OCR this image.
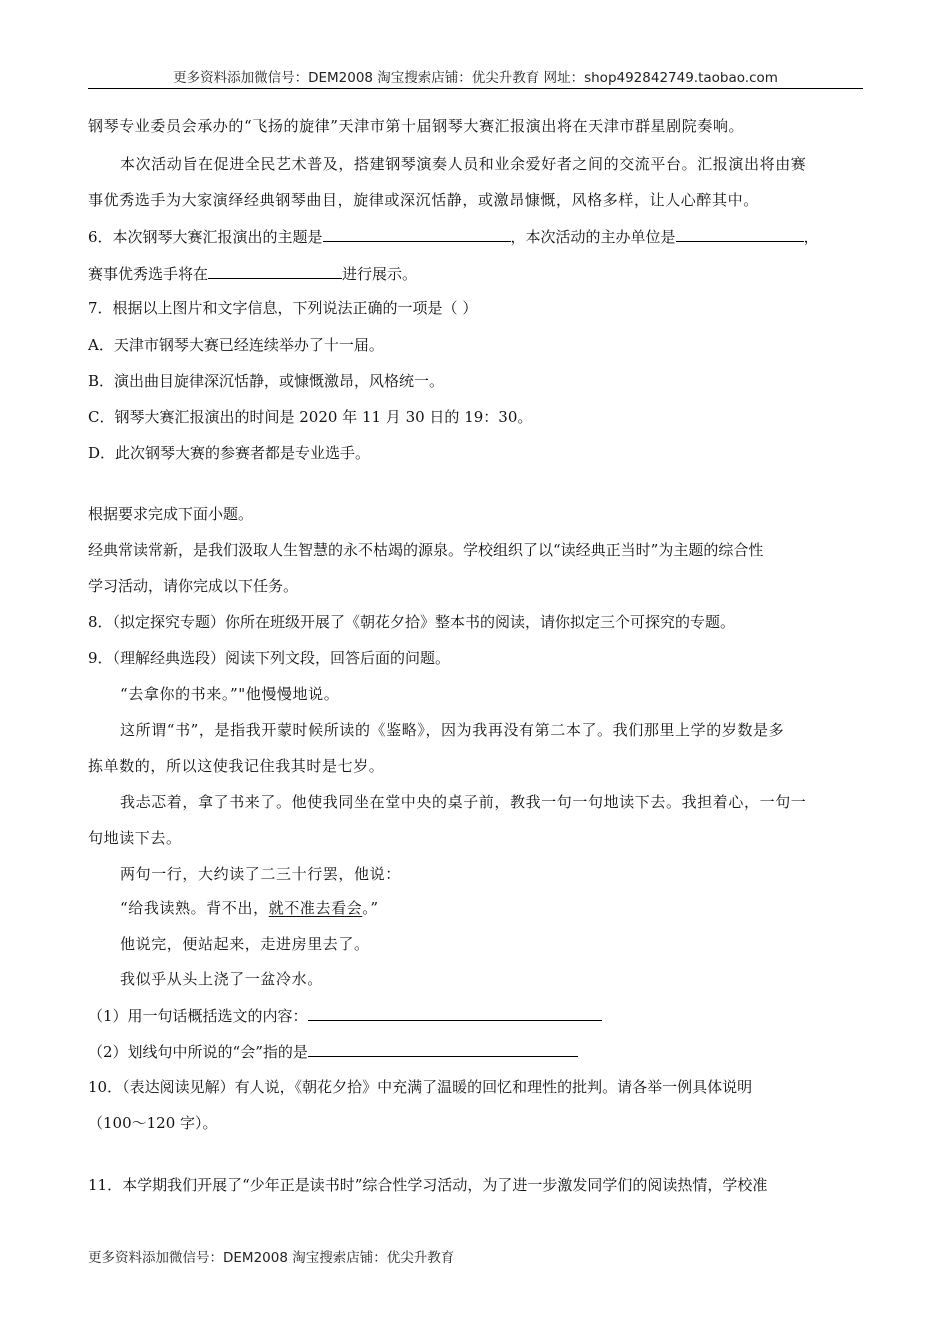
更多资料添加微信号：DEM2008 淘宝搜索店铺：优尖升教育 网址：shop492842749.taobao.com
钢琴专业委员会承办的“飞扬的旋律”天津市第十届钢琴大赛汇报演出将在天津市群星剧院奏响。
本次活动旨在促进全民艺术普及，搭建钢琴演奏人员和业余爱好者之间的交流平台。汇报演出将由赛
事优秀选手为大家演绎经典钢琴曲目，旋律或深沉恬静，或激昂慷慨，风格多样，让人心醉其中。
6．本次钢琴大赛汇报演出的主题是	，本次活动的主办单位是	，
赛事优秀选手将在	进行展示。
7．根据以上图片和文字信息，下列说法正确的一项是（ ）
A．天津市钢琴大赛已经连续举办了十一届。
B．演出曲目旋律深沉恬静，或慷慨激昂，风格统一。
C．钢琴大赛汇报演出的时间是 2020 年 11 月 30 日的 19：30。
D．此次钢琴大赛的参赛者都是专业选手。
根据要求完成下面小题。
经典常读常新，是我们汲取人生智慧的永不枯竭的源泉。学校组织了以“读经典正当时”为主题的综合性
学习活动，请你完成以下任务。
8．（拟定探究专题）你所在班级开展了《朝花夕拾》整本书的阅读，请你拟定三个可探究的专题。
9．（理解经典选段）阅读下列文段，回答后面的问题。
“去拿你的书来。”"他慢慢地说。
这所谓“书”，是指我开蒙时候所读的《鉴略》，因为我再没有第二本了。我们那里上学的岁数是多
拣单数的，所以这使我记住我其时是七岁。
我忐忑着，拿了书来了。他使我同坐在堂中央的桌子前，教我一句一句地读下去。我担着心，一句一
句地读下去。
两句一行，大约读了二三十行罢，他说：
“给我读熟。背不出，就不准去看会。”
他说完，便站起来，走进房里去了。
我似乎从头上浇了一盆冷水。
（1）用一句话概括选文的内容：
（2）划线句中所说的“会”指的是
10．（表达阅读见解）有人说，《朝花夕拾》中充满了温暖的回忆和理性的批判。请各举一例具体说明
（100～120 字）。
11．本学期我们开展了“少年正是读书时”综合性学习活动，为了进一步激发同学们的阅读热情，学校准
更多资料添加微信号：DEM2008 淘宝搜索店铺：优尖升教育
